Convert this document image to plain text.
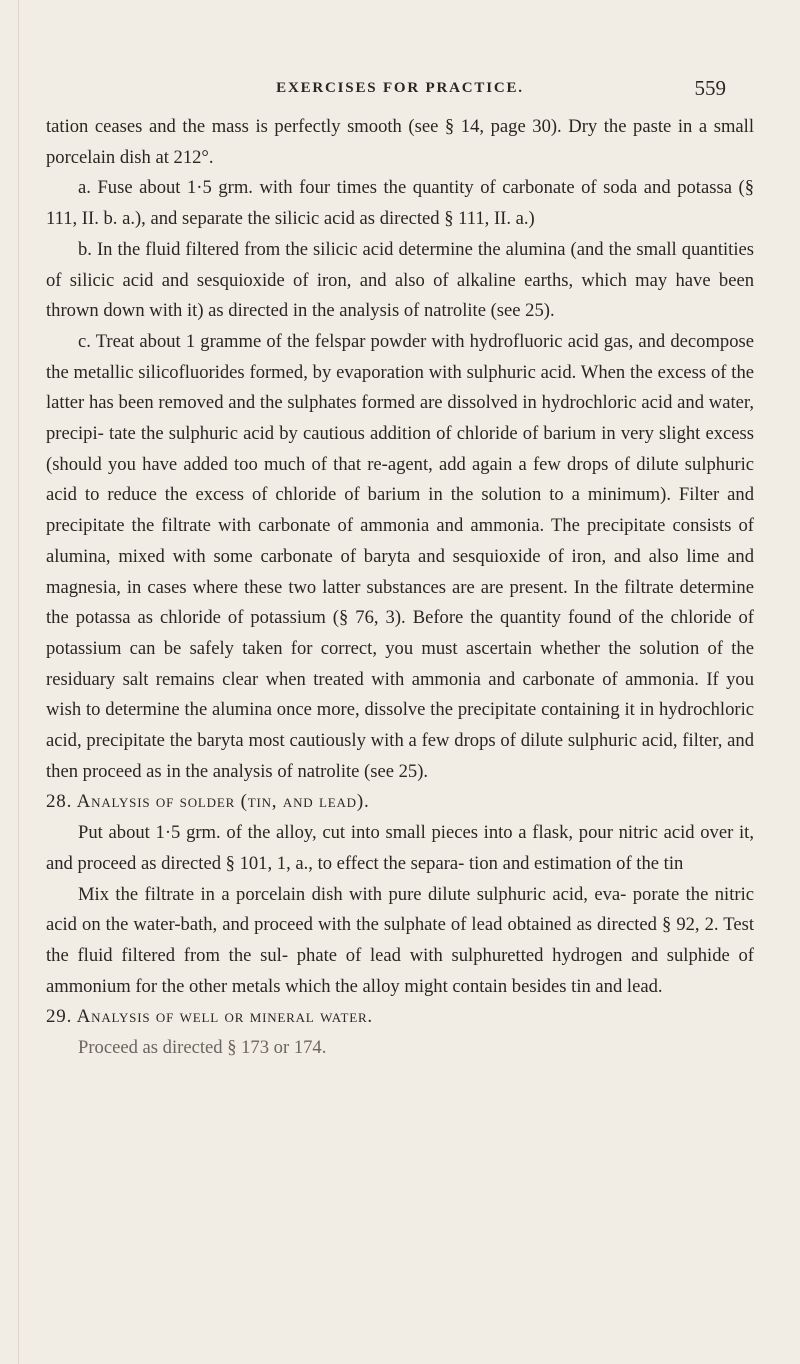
EXERCISES FOR PRACTICE.	559

tation ceases and the mass is perfectly smooth (see § 14, page 30). Dry the paste in a small porcelain dish at 212°.

a. Fuse about 1·5 grm. with four times the quantity of carbonate of soda and potassa (§ 111, II. b. a.), and separate the silicic acid as directed § 111, II. a.)

b. In the fluid filtered from the silicic acid determine the alumina (and the small quantities of silicic acid and sesquioxide of iron, and also of alkaline earths, which may have been thrown down with it) as directed in the analysis of natrolite (see 25).

c. Treat about 1 gramme of the felspar powder with hydrofluoric acid gas, and decompose the metallic silicofluorides formed, by evaporation with sulphuric acid. When the excess of the latter has been removed and the sulphates formed are dissolved in hydrochloric acid and water, precipi- tate the sulphuric acid by cautious addition of chloride of barium in very slight excess (should you have added too much of that re-agent, add again a few drops of dilute sulphuric acid to reduce the excess of chloride of barium in the solution to a minimum). Filter and precipitate the filtrate with carbonate of ammonia and ammonia. The precipitate consists of alumina, mixed with some carbonate of baryta and sesquioxide of iron, and also lime and magnesia, in cases where these two latter substances are are present. In the filtrate determine the potassa as chloride of potassium (§ 76, 3). Before the quantity found of the chloride of potassium can be safely taken for correct, you must ascertain whether the solution of the residuary salt remains clear when treated with ammonia and carbonate of ammonia. If you wish to determine the alumina once more, dissolve the precipitate containing it in hydrochloric acid, precipitate the baryta most cautiously with a few drops of dilute sulphuric acid, filter, and then proceed as in the analysis of natrolite (see 25).

28. Analysis of solder (tin, and lead).

Put about 1·5 grm. of the alloy, cut into small pieces into a flask, pour nitric acid over it, and proceed as directed § 101, 1, a., to effect the separa- tion and estimation of the tin

Mix the filtrate in a porcelain dish with pure dilute sulphuric acid, eva- porate the nitric acid on the water-bath, and proceed with the sulphate of lead obtained as directed § 92, 2. Test the fluid filtered from the sul- phate of lead with sulphuretted hydrogen and sulphide of ammonium for the other metals which the alloy might contain besides tin and lead.

29. Analysis of well or mineral water.

Proceed as directed § 173 or 174.
